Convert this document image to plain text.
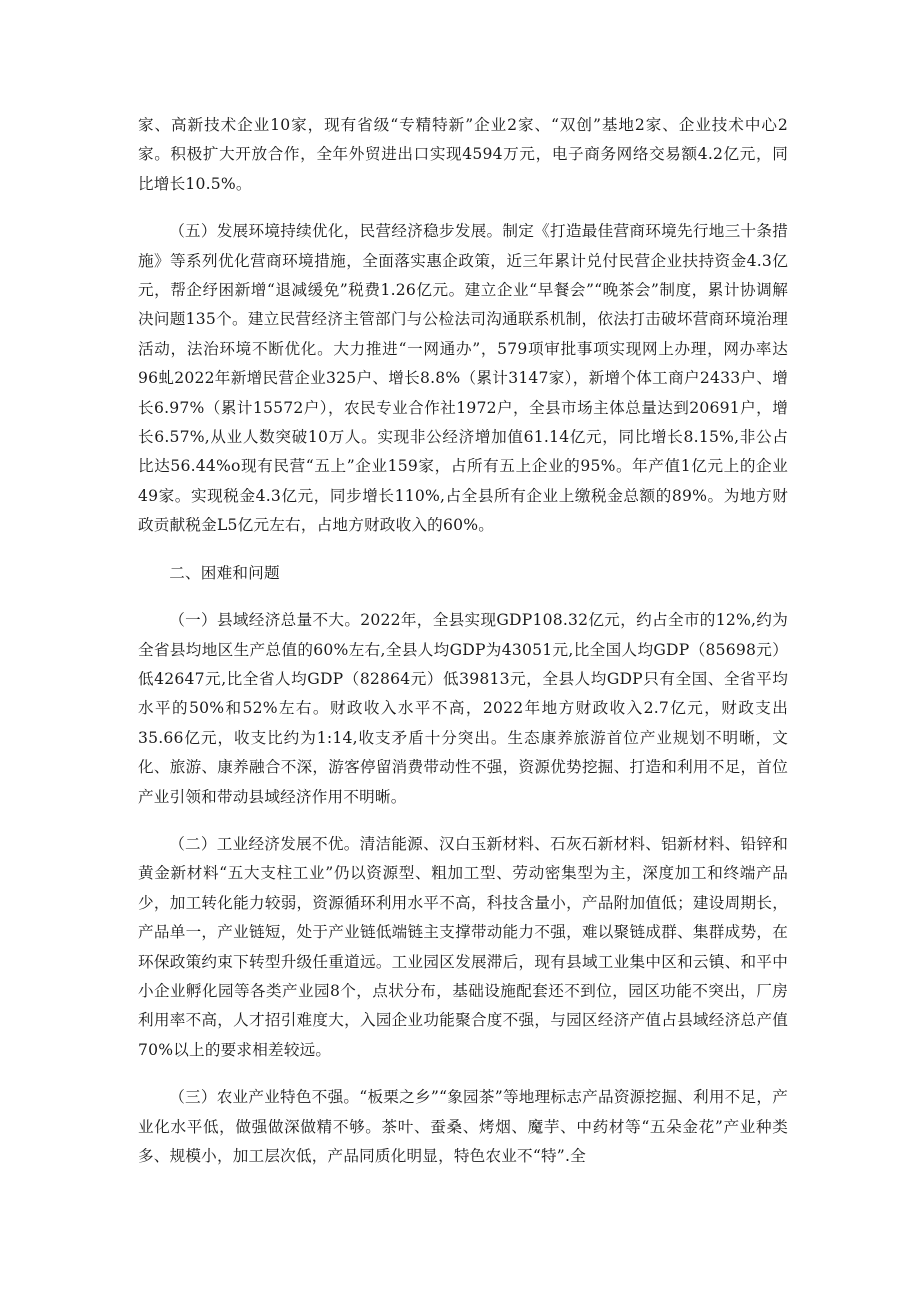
家、高新技术企业10家，现有省级“专精特新”企业2家、“双创”基地2家、企业技术中心2家。积极扩大开放合作，全年外贸进出口实现4594万元，电子商务网络交易额4.2亿元，同比增长10.5%。

（五）发展环境持续优化，民营经济稳步发展。制定《打造最佳营商环境先行地三十条措施》等系列优化营商环境措施，全面落实惠企政策，近三年累计兑付民营企业扶持资金4.3亿元，帮企纾困新增“退减缓免”税费1.26亿元。建立企业“早餐会”“晚茶会”制度，累计协调解决问题135个。建立民营经济主管部门与公检法司沟通联系机制，依法打击破坏营商环境治理活动，法治环境不断优化。大力推进“一网通办”，579项审批事项实现网上办理，网办率达96虬2022年新增民营企业325户、增长8.8%（累计3147家），新增个体工商户2433户、增长6.97%（累计15572户），农民专业合作社1972户，全县市场主体总量达到20691户，增长6.57%,从业人数突破10万人。实现非公经济增加值61.14亿元，同比增长8.15%,非公占比达56.44%o现有民营“五上”企业159家，占所有五上企业的95%。年产值1亿元上的企业49家。实现税金4.3亿元，同步增长110%,占全县所有企业上缴税金总额的89%。为地方财政贡献税金L5亿元左右，占地方财政收入的60%。

二、困难和问题

（一）县域经济总量不大。2022年，全县实现GDP108.32亿元，约占全市的12%,约为全省县均地区生产总值的60%左右,全县人均GDP为43051元,比全国人均GDP（85698元）低42647元,比全省人均GDP（82864元）低39813元，全县人均GDP只有全国、全省平均水平的50%和52%左右。财政收入水平不高，2022年地方财政收入2.7亿元，财政支出35.66亿元，收支比约为1:14,收支矛盾十分突出。生态康养旅游首位产业规划不明晰，文化、旅游、康养融合不深，游客停留消费带动性不强，资源优势挖掘、打造和利用不足，首位产业引领和带动县域经济作用不明晰。

（二）工业经济发展不优。清洁能源、汉白玉新材料、石灰石新材料、铝新材料、铅锌和黄金新材料“五大支柱工业”仍以资源型、粗加工型、劳动密集型为主，深度加工和终端产品少，加工转化能力较弱，资源循环利用水平不高，科技含量小，产品附加值低；建设周期长，产品单一，产业链短，处于产业链低端链主支撑带动能力不强，难以聚链成群、集群成势，在环保政策约束下转型升级任重道远。工业园区发展滞后，现有县域工业集中区和云镇、和平中小企业孵化园等各类产业园8个，点状分布，基础设施配套还不到位，园区功能不突出，厂房利用率不高，人才招引难度大，入园企业功能聚合度不强，与园区经济产值占县域经济总产值70%以上的要求相差较远。

（三）农业产业特色不强。“板栗之乡”“象园茶”等地理标志产品资源挖掘、利用不足，产业化水平低，做强做深做精不够。茶叶、蚕桑、烤烟、魔芋、中药材等“五朵金花”产业种类多、规模小，加工层次低，产品同质化明显，特色农业不“特”.全
